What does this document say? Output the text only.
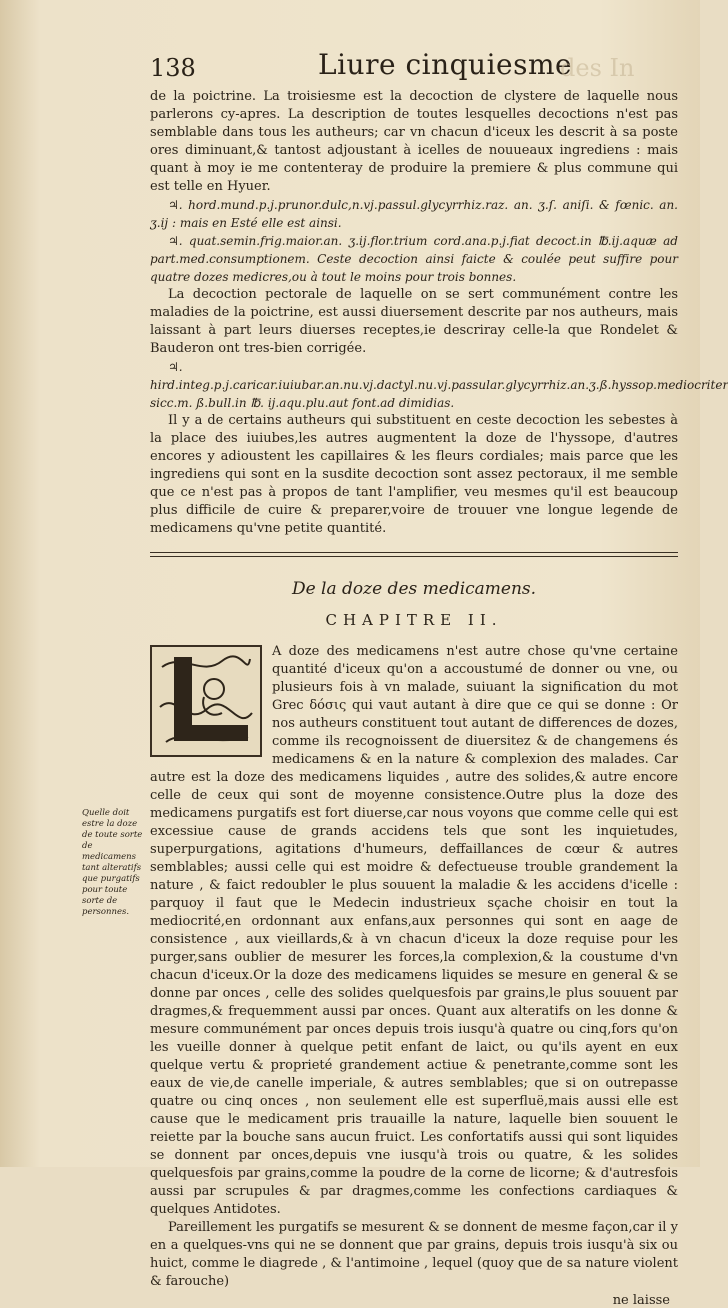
138	Liure cinquiesme
des In

de la poictrine. La troisiesme est la decoction de clystere de laquelle nous parlerons cy-apres. La description de toutes lesquelles decoctions n'est pas semblable dans tous les autheurs; car vn chacun d'iceux les descrit à sa poste ores diminuant,& tantost adjoustant à icelles de nouueaux ingrediens : mais quant à moy ie me contenteray de produire la premiere & plus commune qui est telle en Hyuer.

♃. hord.mund.p.j.prunor.dulc,n.vj.passul.glycyrrhiz.raz. an. ʒ.ſ. aniſi. & fœnic. an. ʒ.ij : mais en Esté elle est ainsi.

♃. quat.semin.frig.maior.an. ʒ.ij.flor.trium cord.ana.p.j.fiat decoct.in ℔.ij.aquæ ad part.med.consumptionem. Ceste decoction ainsi faicte & coulée peut suffire pour quatre dozes medicres,ou à tout le moins pour trois bonnes.

La decoction pectorale de laquelle on se sert communément contre les maladies de la poictrine, est aussi diuersement descrite par nos autheurs, mais laissant à part leurs diuerses receptes,ie descriray celle-la que Rondelet & Bauderon ont tres-bien corrigée.

♃. hird.integ.p.j.caricar.iuiubar.an.nu.vj.dactyl.nu.vj.passular.glycyrrhiz.an.ʒ.ß.hyssop.mediocriter sicc.m. ß.bull.in ℔. ij.aqu.plu.aut font.ad dimidias.

Il y a de certains autheurs qui substituent en ceste decoction les sebestes à la place des iuiubes,les autres augmentent la doze de l'hyssope, d'autres encores y adioustent les capillaires & les fleurs cordiales; mais parce que les ingrediens qui sont en la susdite decoction sont assez pectoraux, il me semble que ce n'est pas à propos de tant l'amplifier, veu mesmes qu'il est beaucoup plus difficile de cuire & preparer,voire de trouuer vne longue legende de medicamens qu'vne petite quantité.

De la doze des medicamens.
CHAPITRE II.

A doze des medicamens n'est autre chose qu'vne certaine quantité d'iceux qu'on a accoustumé de donner ou vne, ou plusieurs fois à vn malade, suiuant la signification du mot Grec δόσις qui vaut autant à dire que ce qui se donne : Or nos autheurs constituent tout autant de differences de dozes, comme ils recognoissent de diuersitez & de changemens és medicamens & en la nature & complexion des malades. Car autre est la doze des medicamens liquides , autre des solides,& autre encore celle de ceux qui sont de moyenne consistence.Outre plus la doze des medicamens purgatifs est fort diuerse,car nous voyons que comme celle qui est excessiue cause de grands accidens tels que sont les inquietudes, superpurgations, agitations d'humeurs, deffaillances de cœur & autres semblables; aussi celle qui est moidre & defectueuse trouble grandement la nature , & faict redoubler le plus souuent la maladie & les accidens d'icelle : parquoy il faut que le Medecin industrieux sçache choisir en tout la mediocrité,en ordonnant aux enfans,aux personnes qui sont en aage de consistence , aux vieillards,& à vn chacun d'iceux la doze requise pour les purger,sans oublier de mesurer les forces,la complexion,& la coustume d'vn chacun d'iceux.Or la doze des medicamens liquides se mesure en general & se donne par onces , celle des solides quelquesfois par grains,le plus souuent par dragmes,& frequemment aussi par onces. Quant aux alteratifs on les donne & mesure communément par onces depuis trois iusqu'à quatre ou cinq,fors qu'on les vueille donner à quelque petit enfant de laict, ou qu'ils ayent en eux quelque vertu & proprieté grandement actiue & penetrante,comme sont les eaux de vie,de canelle imperiale, & autres semblables; que si on outrepasse quatre ou cinq onces , non seulement elle est superfluë,mais aussi elle est cause que le medicament pris trauaille la nature, laquelle bien souuent le reiette par la bouche sans aucun fruict. Les confortatifs aussi qui sont liquides se donnent par onces,depuis vne iusqu'à trois ou quatre, & les solides quelquesfois par grains,comme la poudre de la corne de licorne; & d'autresfois aussi par scrupules & par dragmes,comme les confections cardiaques & quelques Antidotes.

Pareillement les purgatifs se mesurent & se donnent de mesme façon,car il y en a quelques-vns qui ne se donnent que par grains, depuis trois iusqu'à six ou huict, comme le diagrede , & l'antimoine , lequel (quoy que de sa nature violent & farouche)

ne laisse
Quelle doit estre la doze de toute sorte de medicamens tant alteratifs que purgatifs pour toute sorte de personnes.
